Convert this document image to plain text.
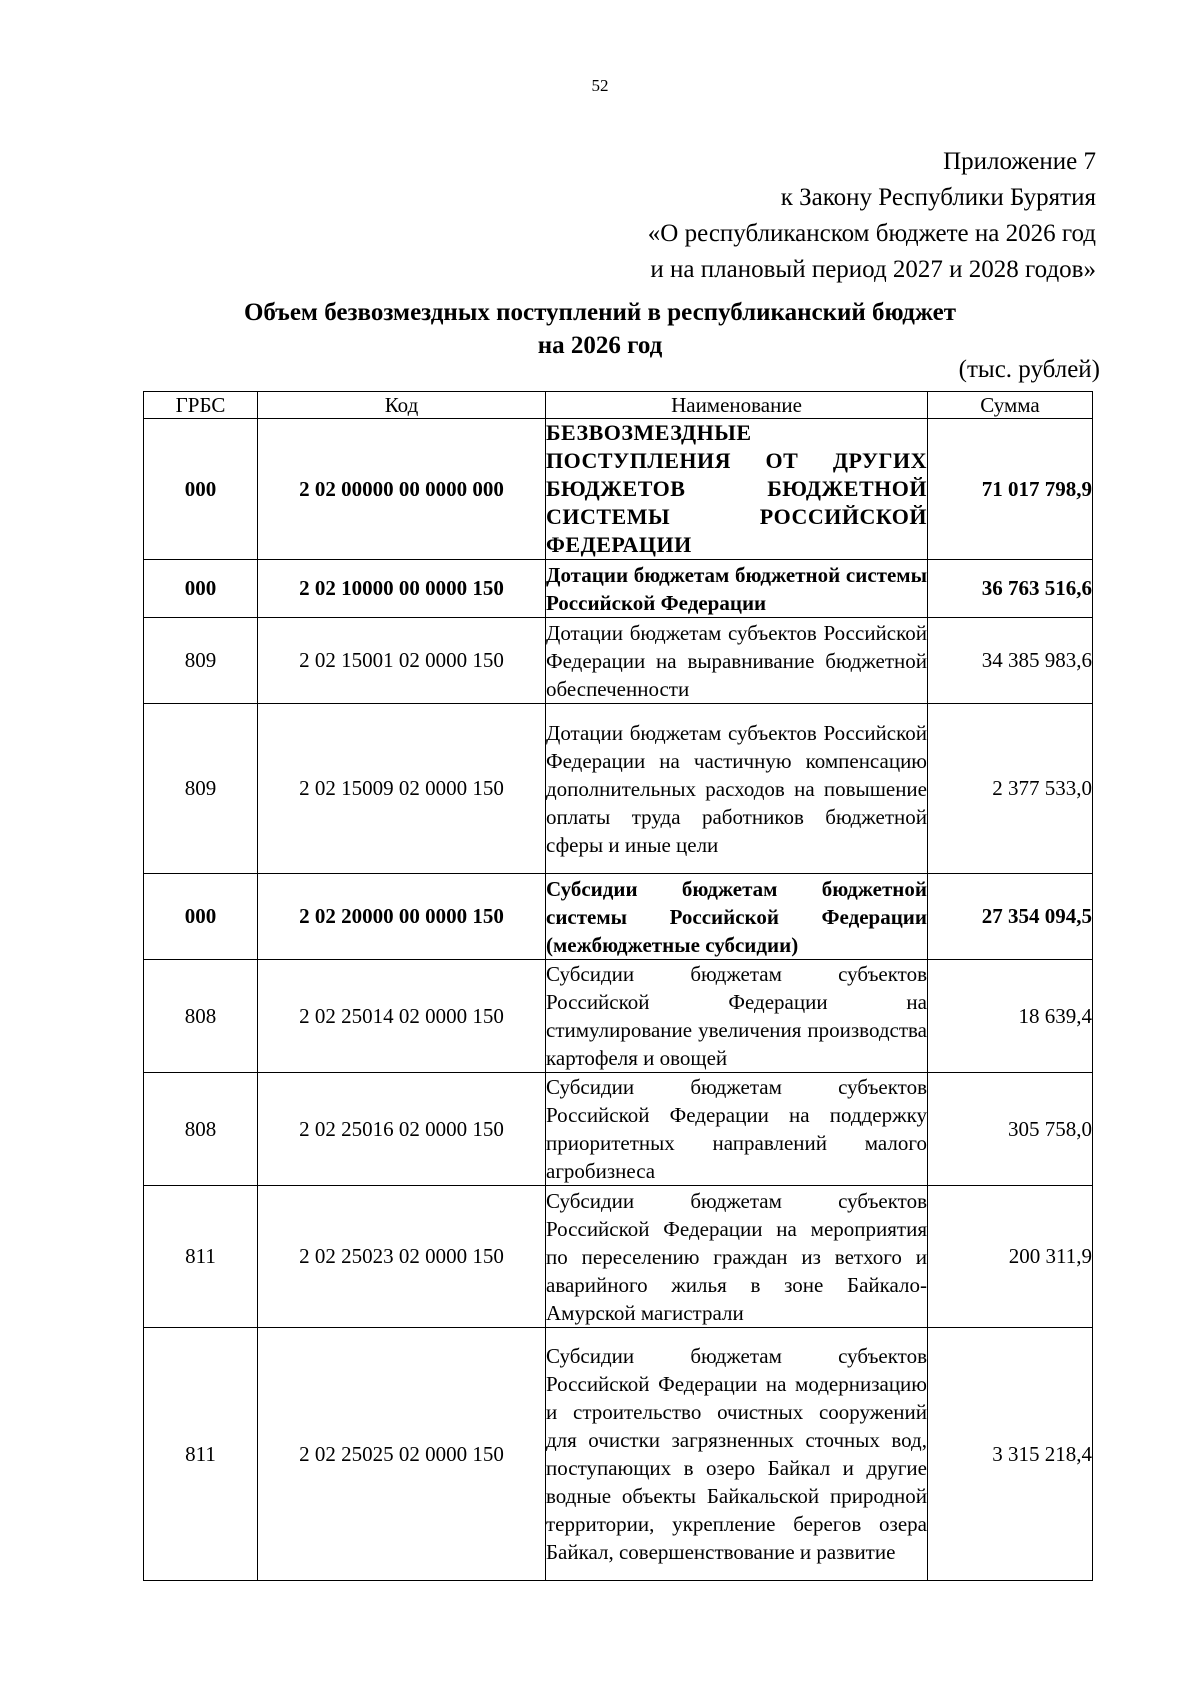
52
Приложение 7
к Закону Республики Бурятия
«О республиканском бюджете на 2026 год
и на плановый период 2027 и 2028 годов»
Объем безвозмездных поступлений в республиканский бюджет
на 2026 год
(тыс. рублей)
ГРБС	Код	Наименование	Сумма
000	2 02 00000 00 0000 000	БЕЗВОЗМЕЗДНЫЕ ПОСТУПЛЕНИЯ ОТ ДРУГИХ БЮДЖЕТОВ БЮДЖЕТНОЙ СИСТЕМЫ РОССИЙСКОЙ ФЕДЕРАЦИИ	71 017 798,9
000	2 02 10000 00 0000 150	Дотации бюджетам бюджетной системы Российской Федерации	36 763 516,6
809	2 02 15001 02 0000 150	Дотации бюджетам субъектов Российской Федерации на выравнивание бюджетной обеспеченности	34 385 983,6
809	2 02 15009 02 0000 150	Дотации бюджетам субъектов Российской Федерации на частичную компенсацию дополнительных расходов на повышение оплаты труда работников бюджетной сферы и иные цели	2 377 533,0
000	2 02 20000 00 0000 150	Субсидии бюджетам бюджетной системы Российской Федерации (межбюджетные субсидии)	27 354 094,5
808	2 02 25014 02 0000 150	Субсидии бюджетам субъектов Российской Федерации на стимулирование увеличения производства картофеля и овощей	18 639,4
808	2 02 25016 02 0000 150	Субсидии бюджетам субъектов Российской Федерации на поддержку приоритетных направлений малого агробизнеса	305 758,0
811	2 02 25023 02 0000 150	Субсидии бюджетам субъектов Российской Федерации на мероприятия по переселению граждан из ветхого и аварийного жилья в зоне Байкало-Амурской магистрали	200 311,9
811	2 02 25025 02 0000 150	Субсидии бюджетам субъектов Российской Федерации на модернизацию и строительство очистных сооружений для очистки загрязненных сточных вод, поступающих в озеро Байкал и другие водные объекты Байкальской природной территории, укрепление берегов озера Байкал, совершенствование и развитие	3 315 218,4
